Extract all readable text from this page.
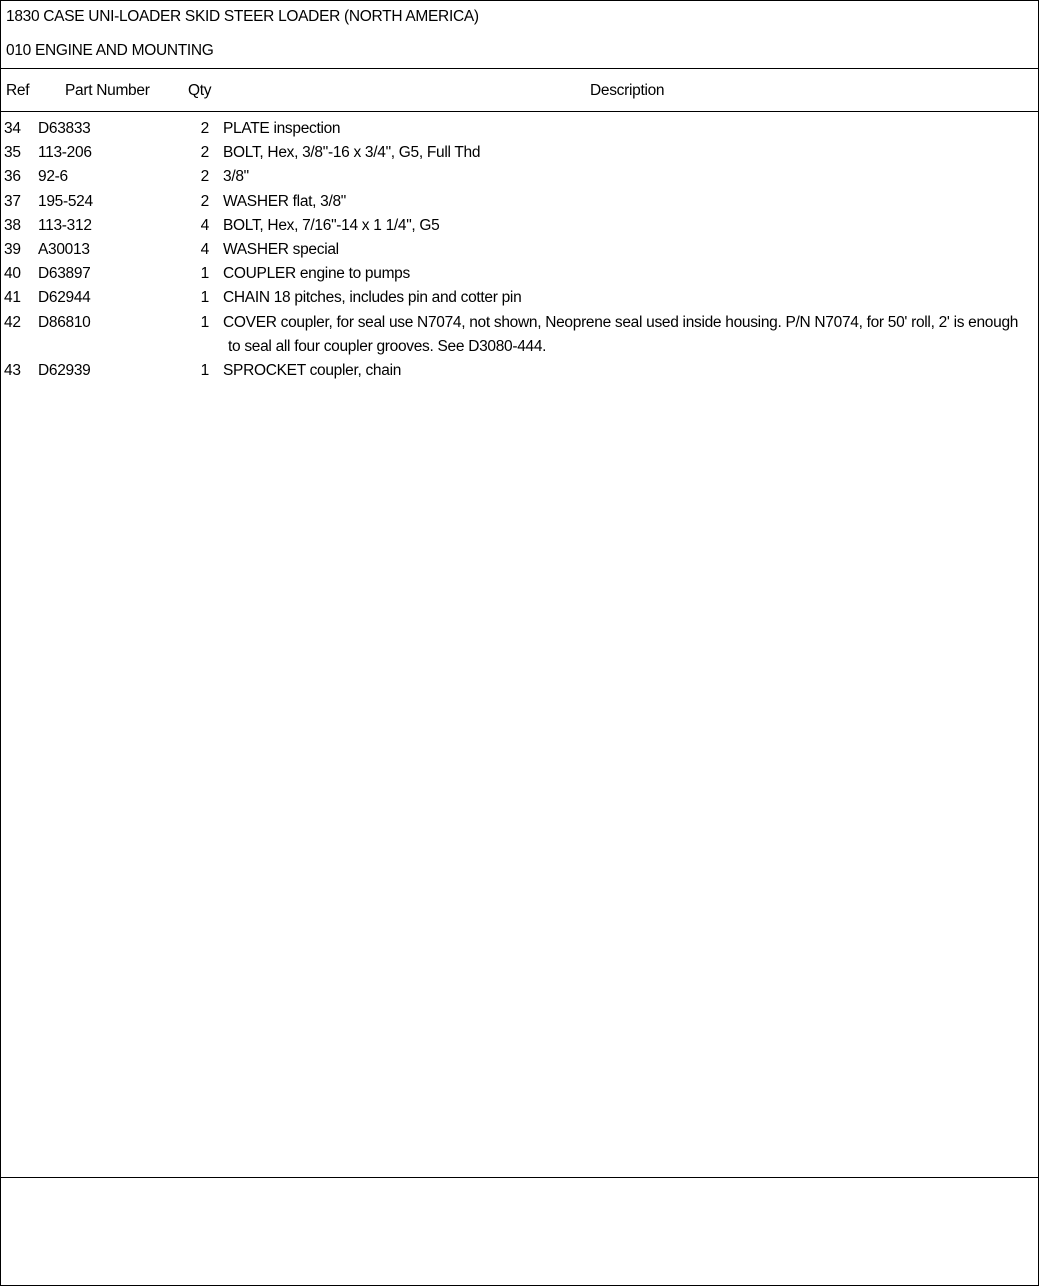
1830 CASE UNI-LOADER SKID STEER LOADER (NORTH AMERICA)
010 ENGINE AND MOUNTING
Ref Part Number Qty	Description
34 D63833	2 PLATE inspection
35 113-206	2 BOLT, Hex, 3/8"-16 x 3/4", G5, Full Thd
36 92-6	2 3/8"
37 195-524	2 WASHER flat, 3/8"
38 113-312	4 BOLT, Hex, 7/16"-14 x 1 1/4", G5
39 A30013	4 WASHER special
40 D63897	1 COUPLER engine to pumps
41 D62944	1 CHAIN 18 pitches, includes pin and cotter pin
42 D86810	1 COVER coupler, for seal use N7074, not shown, Neoprene seal used inside housing. P/N N7074, for 50' roll, 2' is enough
to seal all four coupler grooves. See D3080-444.
43 D62939	1 SPROCKET coupler, chain
